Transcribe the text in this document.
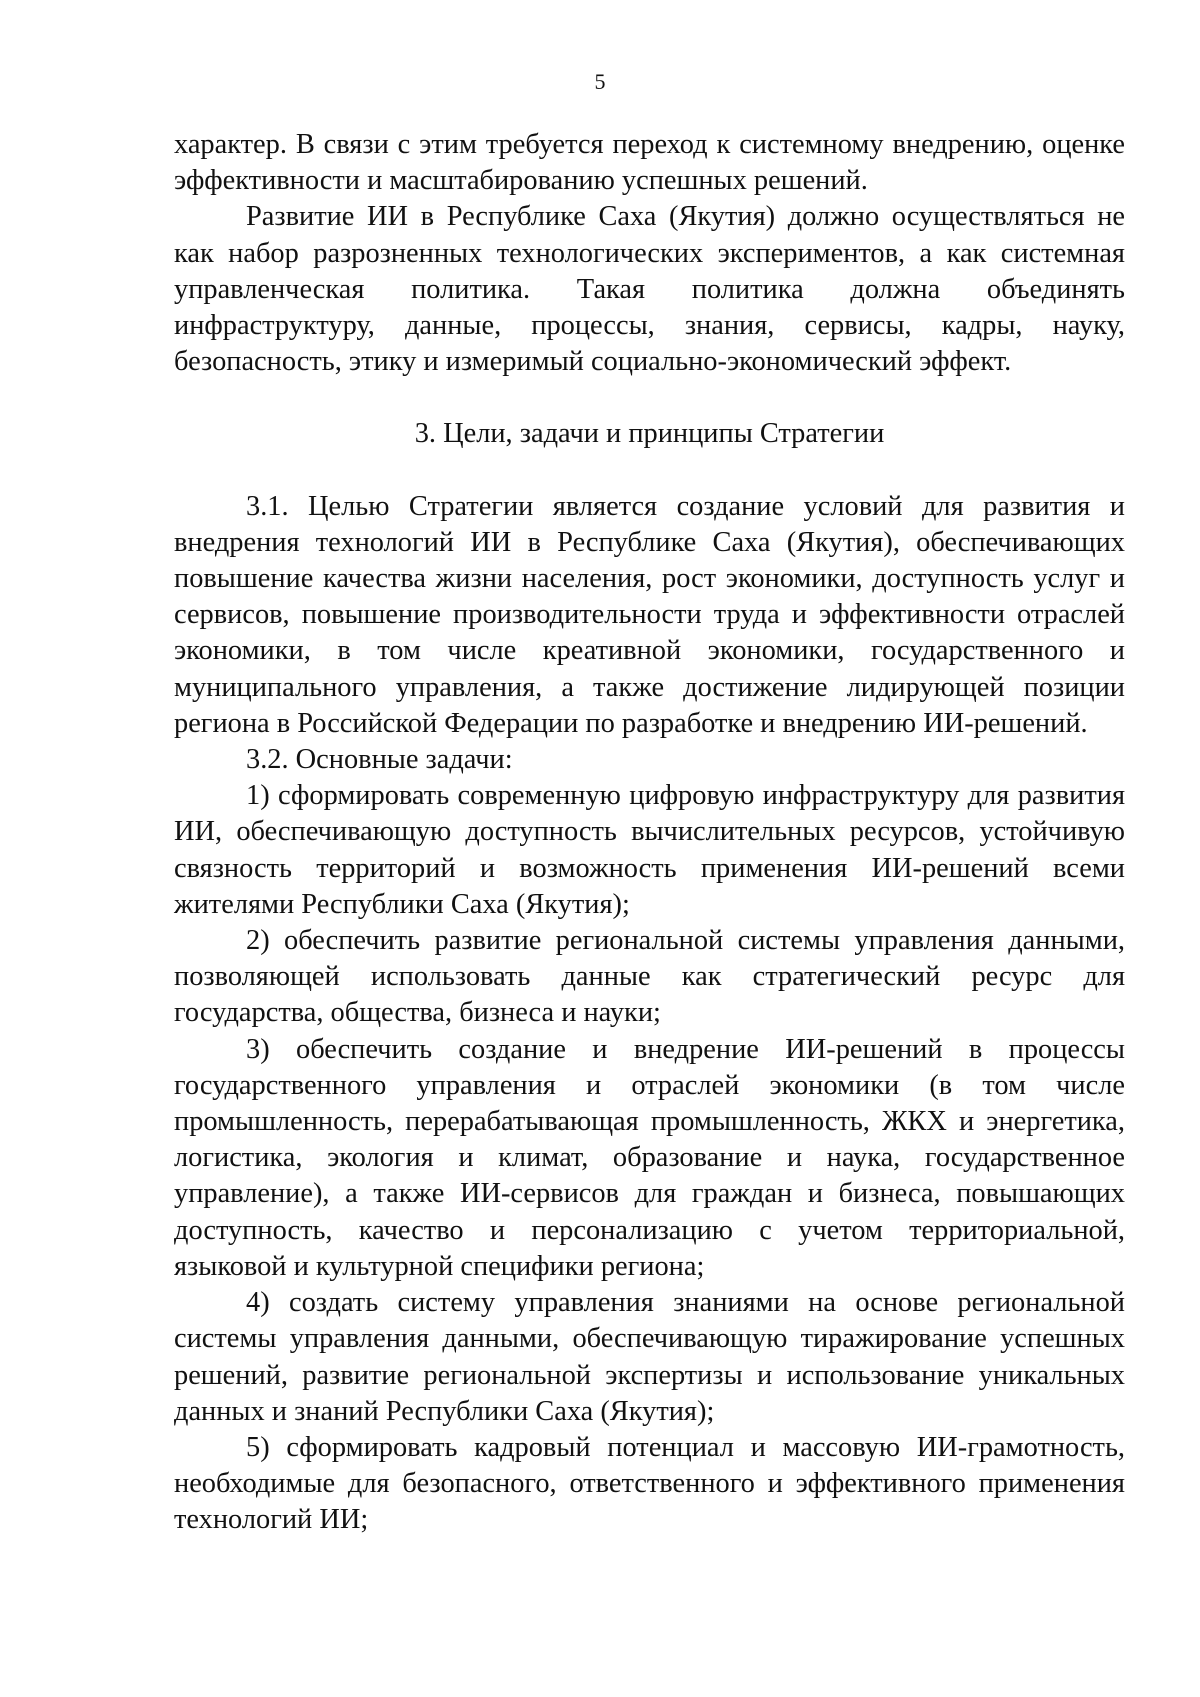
5

характер. В связи с этим требуется переход к системному внедрению, оценке эффективности и масштабированию успешных решений.

Развитие ИИ в Республике Саха (Якутия) должно осуществляться не как набор разрозненных технологических экспериментов, а как системная управленческая политика. Такая политика должна объединять инфраструктуру, данные, процессы, знания, сервисы, кадры, науку, безопасность, этику и измеримый социально-экономический эффект.

3. Цели, задачи и принципы Стратегии

3.1. Целью Стратегии является создание условий для развития и внедрения технологий ИИ в Республике Саха (Якутия), обеспечивающих повышение качества жизни населения, рост экономики, доступность услуг и сервисов, повышение производительности труда и эффективности отраслей экономики, в том числе креативной экономики, государственного и муниципального управления, а также достижение лидирующей позиции региона в Российской Федерации по разработке и внедрению ИИ-решений.

3.2. Основные задачи:

1) сформировать современную цифровую инфраструктуру для развития ИИ, обеспечивающую доступность вычислительных ресурсов, устойчивую связность территорий и возможность применения ИИ-решений всеми жителями Республики Саха (Якутия);

2) обеспечить развитие региональной системы управления данными, позволяющей использовать данные как стратегический ресурс для государства, общества, бизнеса и науки;

3) обеспечить создание и внедрение ИИ-решений в процессы государственного управления и отраслей экономики (в том числе промышленность, перерабатывающая промышленность, ЖКХ и энергетика, логистика, экология и климат, образование и наука, государственное управление), а также ИИ-сервисов для граждан и бизнеса, повышающих доступность, качество и персонализацию с учетом территориальной, языковой и культурной специфики региона;

4) создать систему управления знаниями на основе региональной системы управления данными, обеспечивающую тиражирование успешных решений, развитие региональной экспертизы и использование уникальных данных и знаний Республики Саха (Якутия);

5) сформировать кадровый потенциал и массовую ИИ-грамотность, необходимые для безопасного, ответственного и эффективного применения технологий ИИ;
